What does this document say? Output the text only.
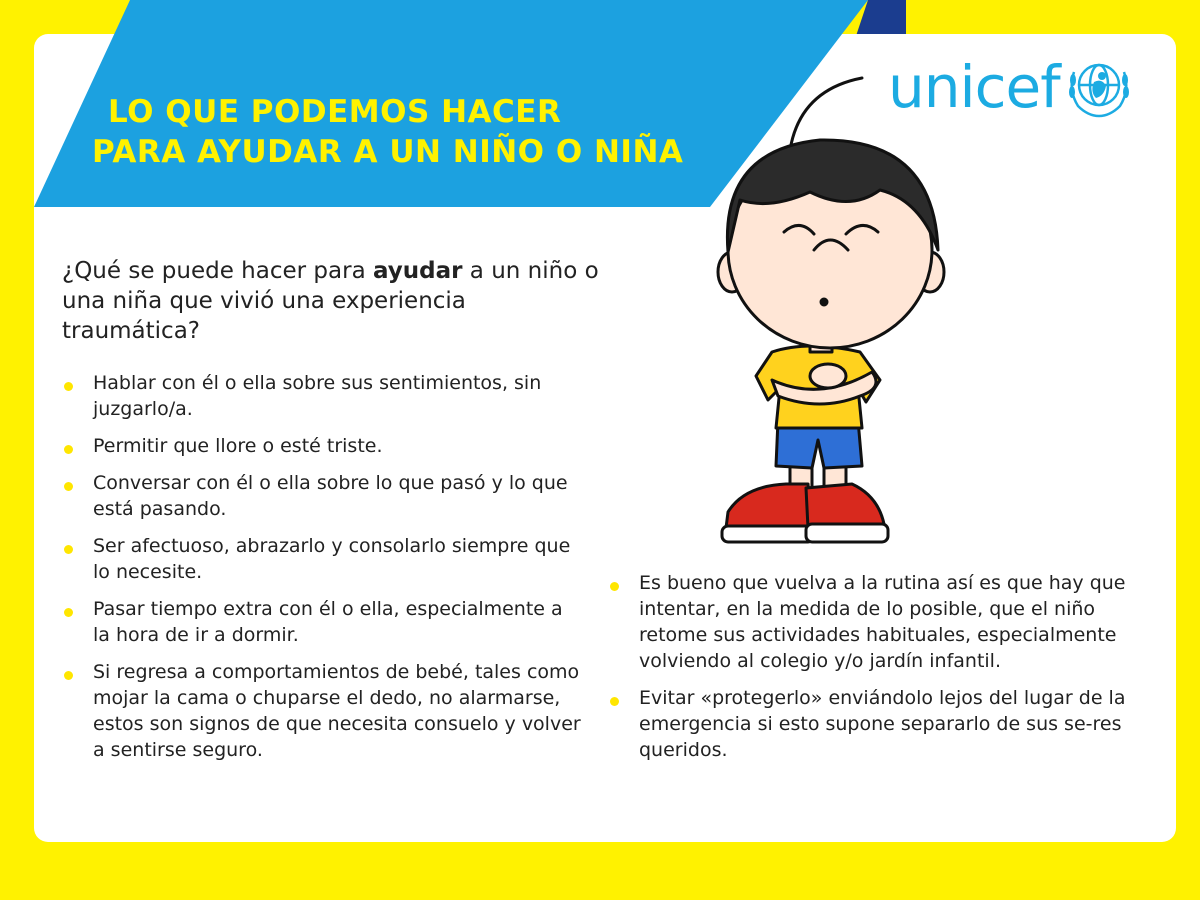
LO QUE PODEMOS HACER
PARA AYUDAR A UN NIÑO O NIÑA
unicef

¿Qué se puede hacer para ayudar a un niño o una niña que vivió una experiencia traumática?

Hablar con él o ella sobre sus sentimientos, sin juzgarlo/a.
Permitir que llore o esté triste.
Conversar con él o ella sobre lo que pasó y lo que está pasando.
Ser afectuoso, abrazarlo y consolarlo siempre que lo necesite.
Pasar tiempo extra con él o ella, especialmente a la hora de ir a dormir.
Si regresa a comportamientos de bebé, tales como mojar la cama o chuparse el dedo, no alarmarse, estos son signos de que necesita consuelo y volver a sentirse seguro.
Es bueno que vuelva a la rutina así es que hay que intentar, en la medida de lo posible, que el niño retome sus actividades habituales, especialmente volviendo al colegio y/o jardín infantil.
Evitar «protegerlo» enviándolo lejos del lugar de la emergencia si esto supone separarlo de sus se-res queridos.
